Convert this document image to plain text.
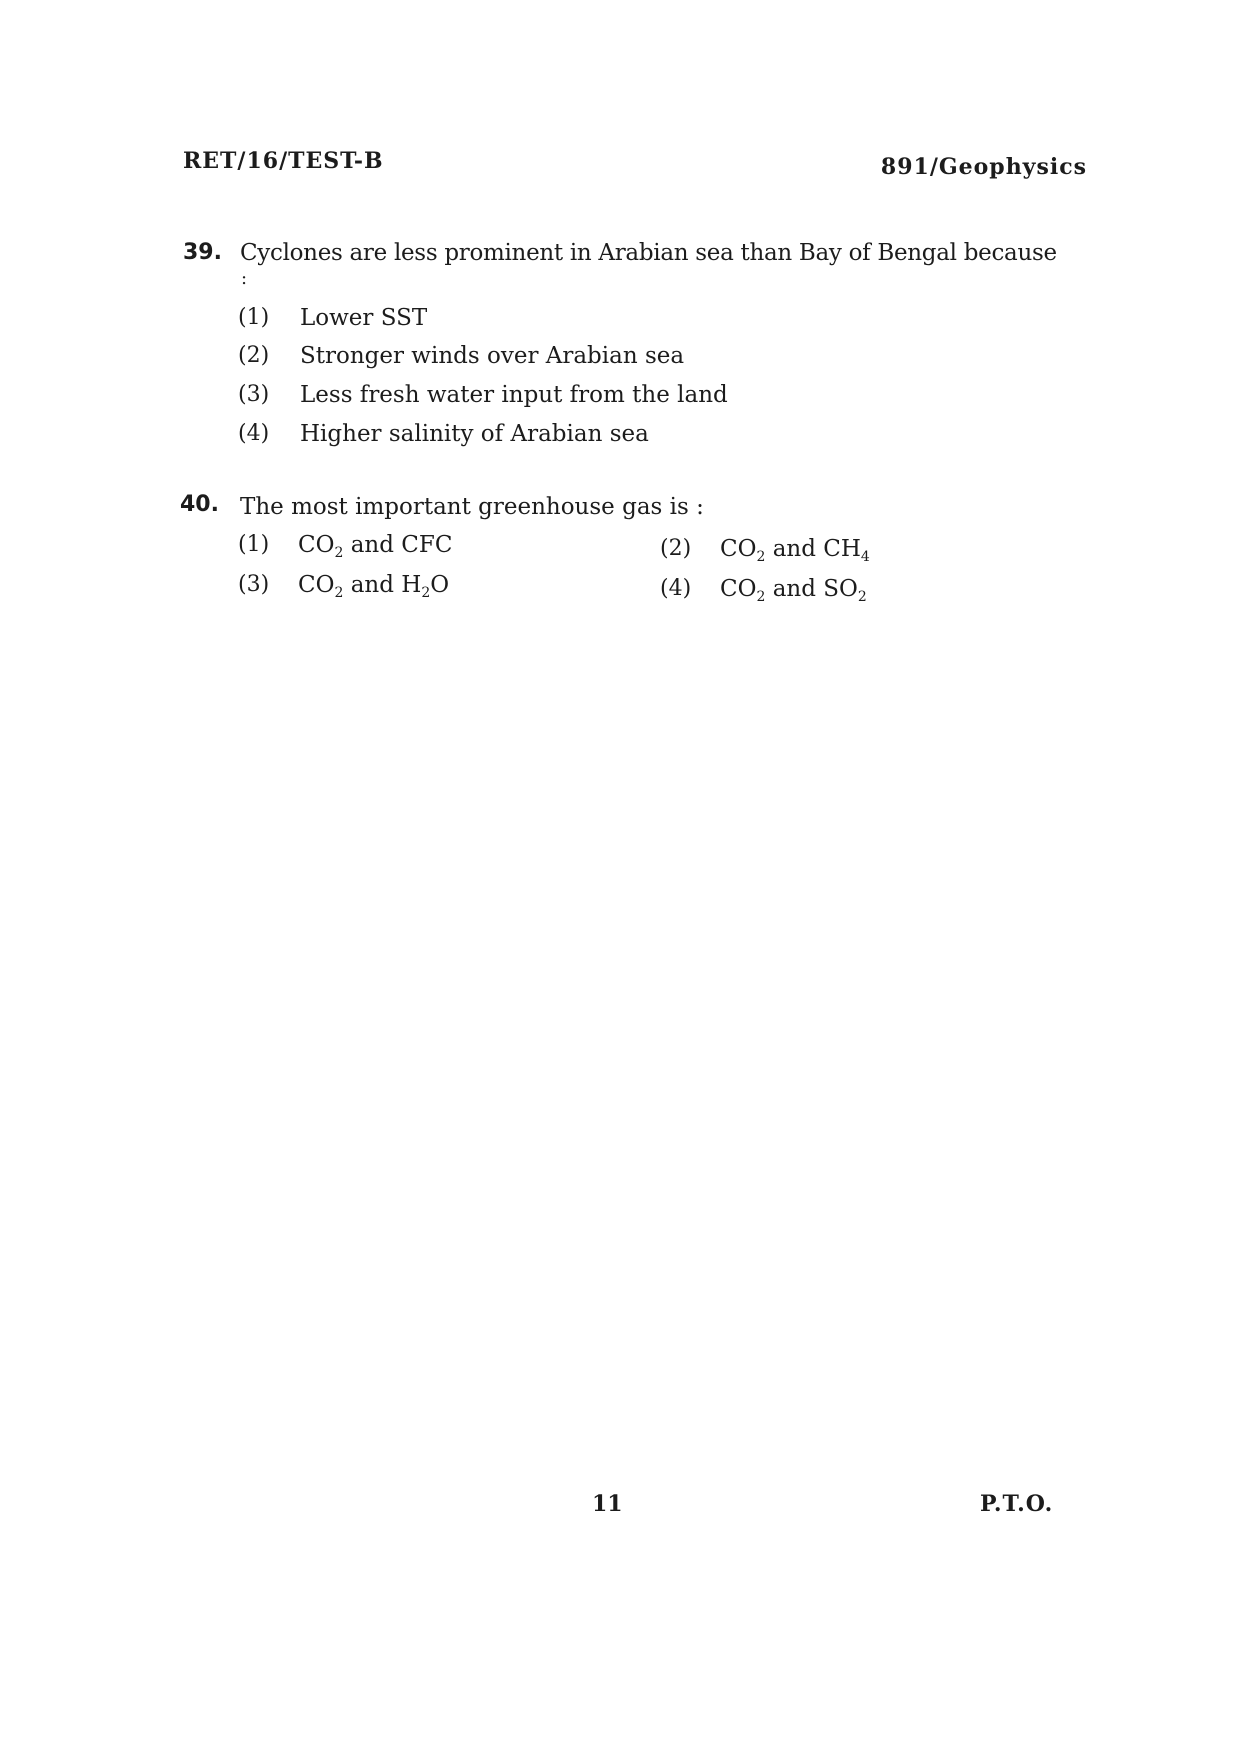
RET/16/TEST-B	891/Geophysics
39. Cyclones are less prominent in Arabian sea than Bay of Bengal because
:
(1) Lower SST
(2) Stronger winds over Arabian sea
(3) Less fresh water input from the land
(4) Higher salinity of Arabian sea
40. The most important greenhouse gas is :
(1) $CO_2$ and CFC	(2) $CO_2$ and $CH_4$
(3) $CO_2$ and $H_2O$	(4) $CO_2$ and $SO_2$
11	P.T.O.
